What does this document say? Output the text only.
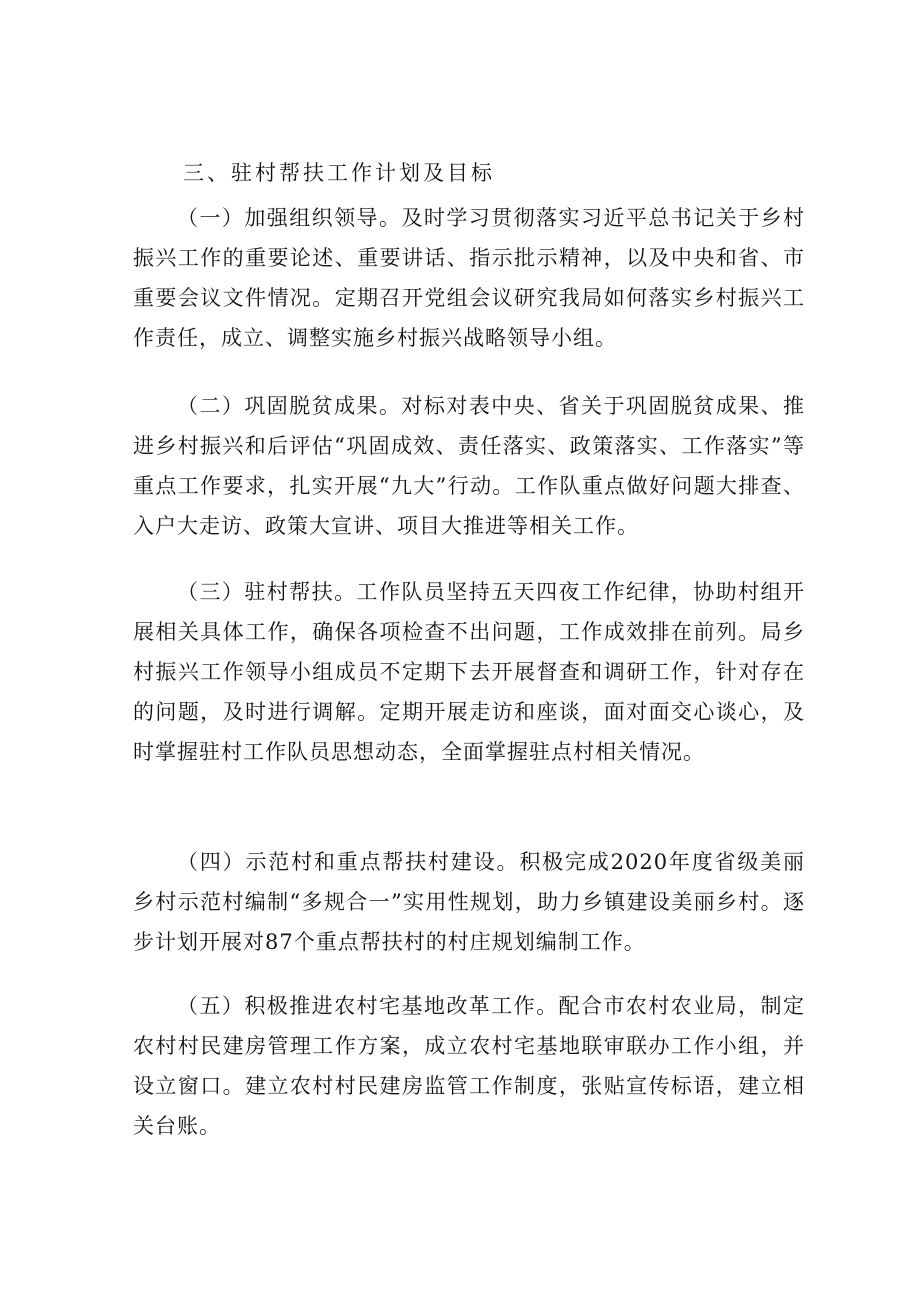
三、驻村帮扶工作计划及目标

（一）加强组织领导。及时学习贯彻落实习近平总书记关于乡村振兴工作的重要论述、重要讲话、指示批示精神，以及中央和省、市重要会议文件情况。定期召开党组会议研究我局如何落实乡村振兴工作责任，成立、调整实施乡村振兴战略领导小组。

（二）巩固脱贫成果。对标对表中央、省关于巩固脱贫成果、推进乡村振兴和后评估“巩固成效、责任落实、政策落实、工作落实”等重点工作要求，扎实开展“九大”行动。工作队重点做好问题大排查、入户大走访、政策大宣讲、项目大推进等相关工作。

（三）驻村帮扶。工作队员坚持五天四夜工作纪律，协助村组开展相关具体工作，确保各项检查不出问题，工作成效排在前列。局乡村振兴工作领导小组成员不定期下去开展督查和调研工作，针对存在的问题，及时进行调解。定期开展走访和座谈，面对面交心谈心，及时掌握驻村工作队员思想动态，全面掌握驻点村相关情况。

（四）示范村和重点帮扶村建设。积极完成2020年度省级美丽乡村示范村编制“多规合一”实用性规划，助力乡镇建设美丽乡村。逐步计划开展对87个重点帮扶村的村庄规划编制工作。

（五）积极推进农村宅基地改革工作。配合市农村农业局，制定农村村民建房管理工作方案，成立农村宅基地联审联办工作小组，并设立窗口。建立农村村民建房监管工作制度，张贴宣传标语，建立相关台账。
